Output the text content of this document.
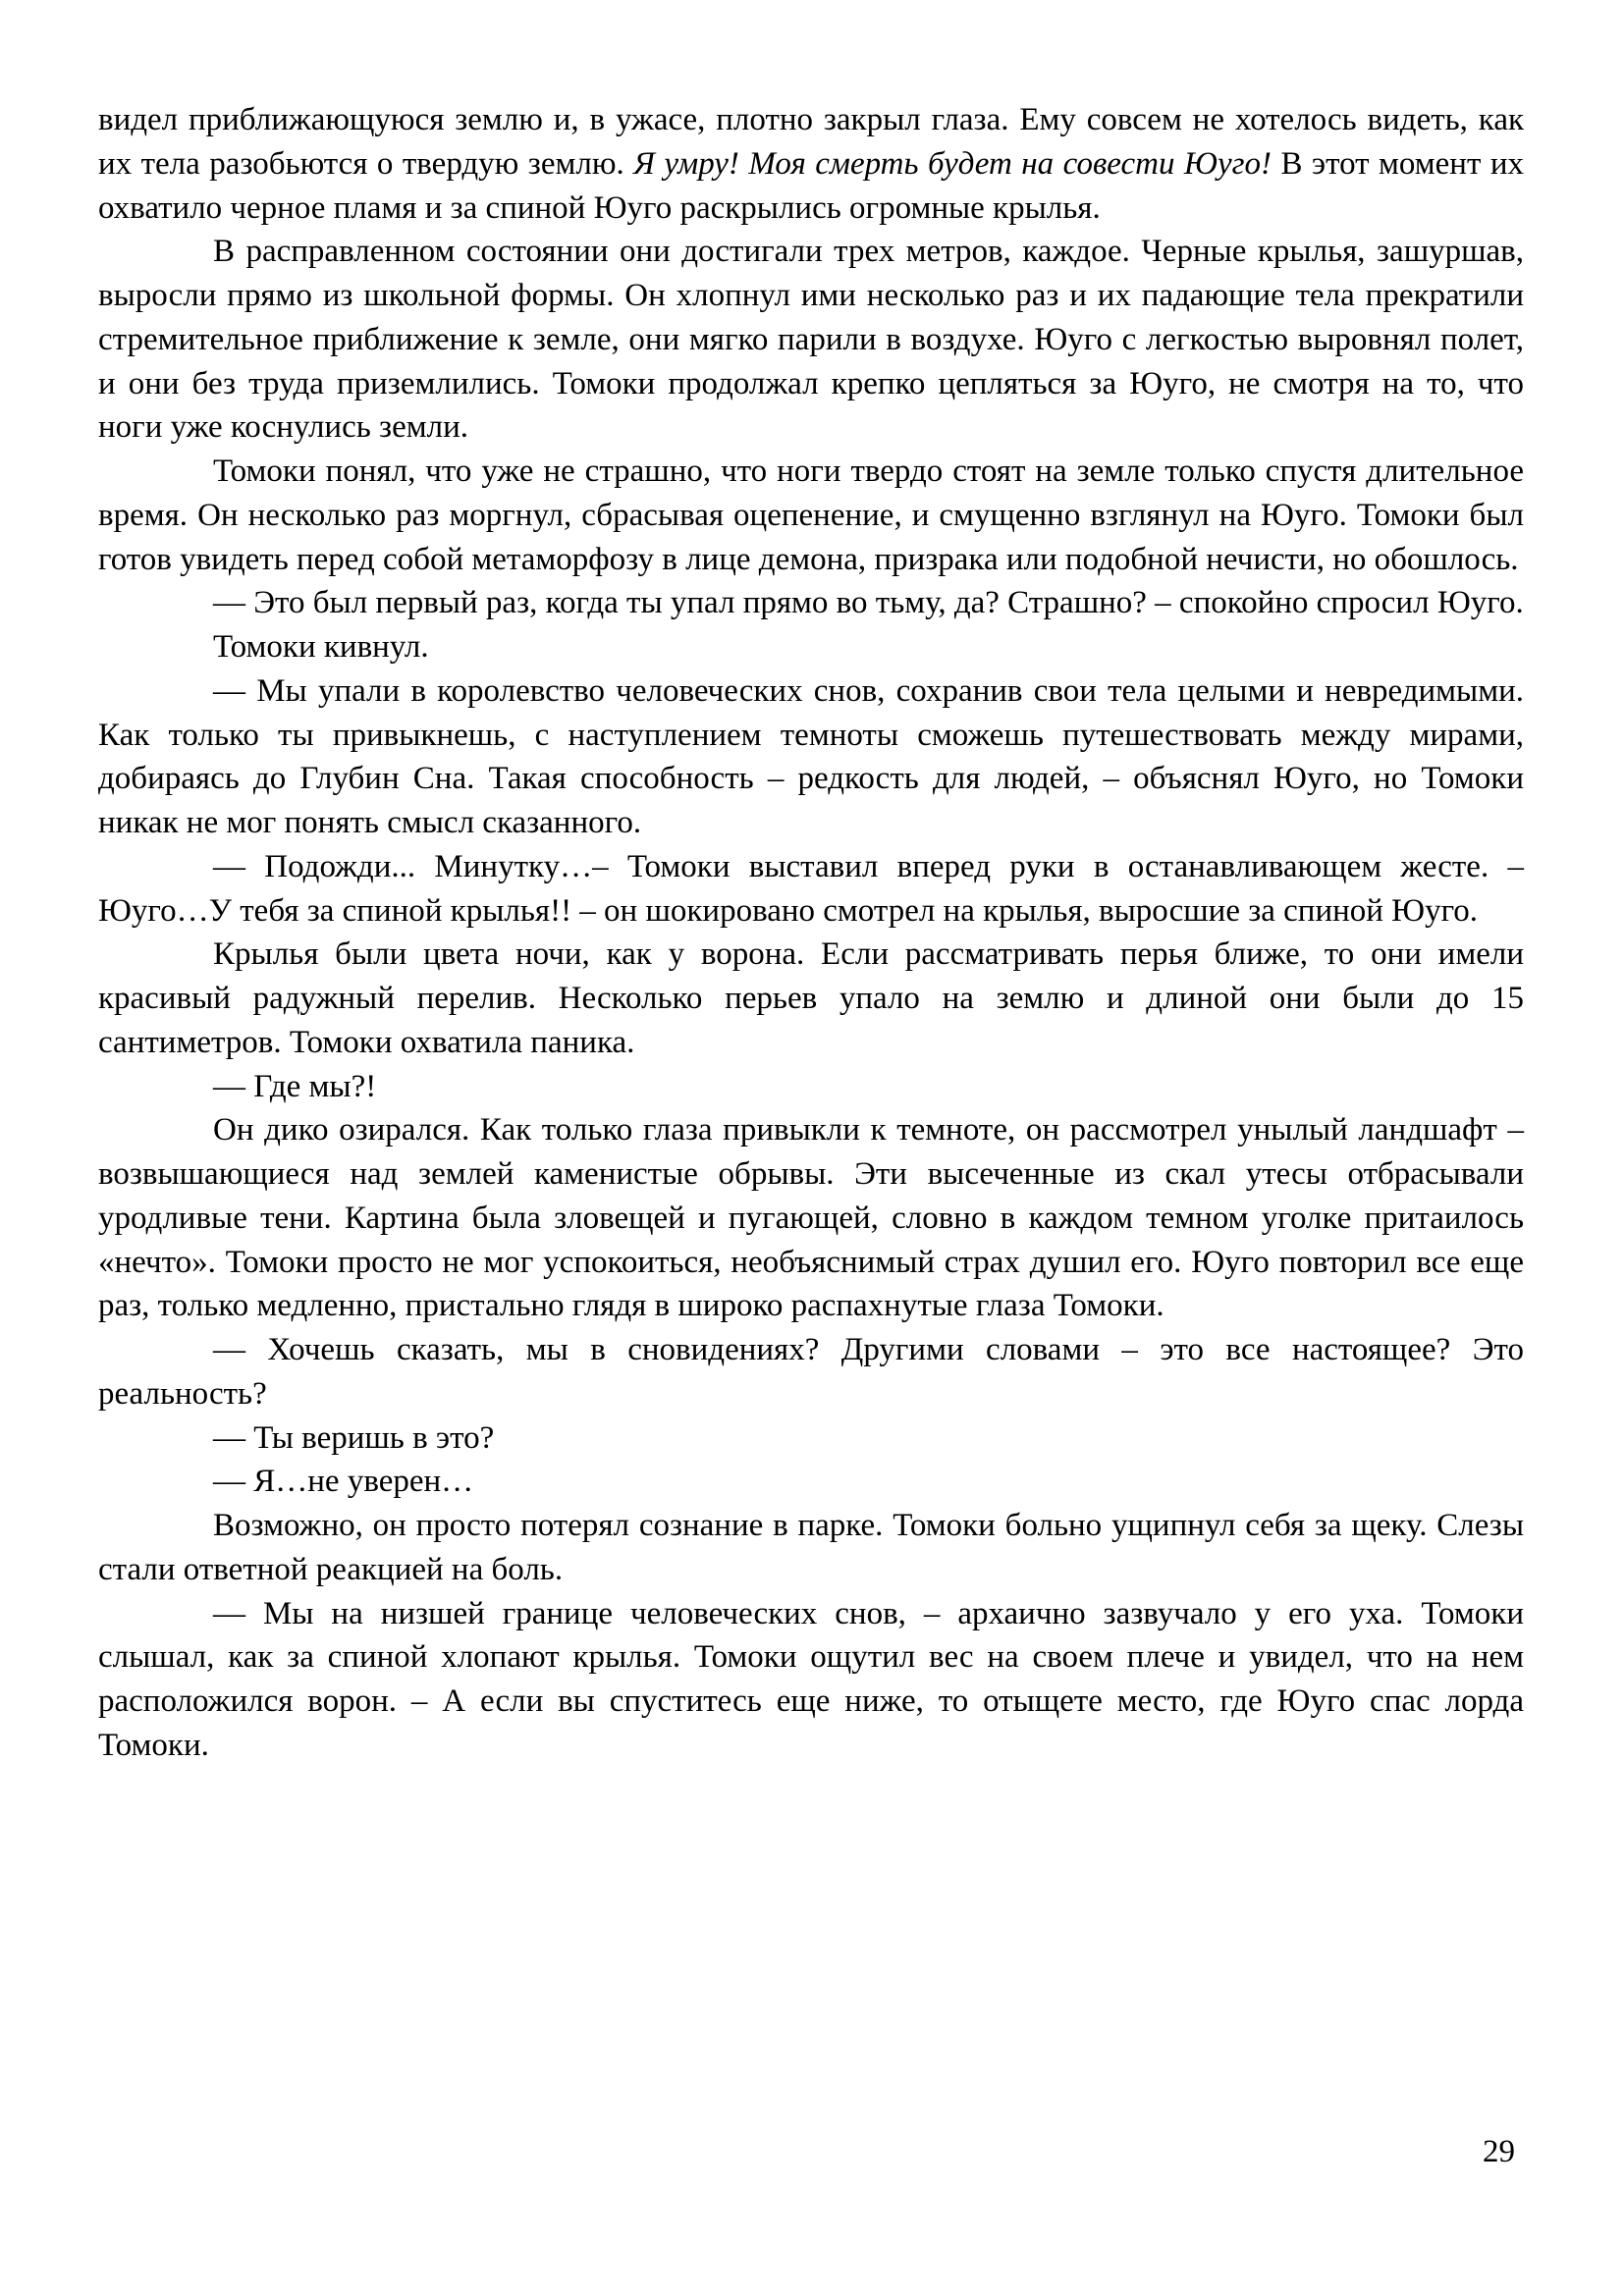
видел приближающуюся землю и, в ужасе, плотно закрыл глаза. Ему совсем не хотелось видеть, как их тела разобьются о твердую землю. Я умру! Моя смерть будет на совести Юуго! В этот момент их охватило черное пламя и за спиной Юуго раскрылись огромные крылья.

В расправленном состоянии они достигали трех метров, каждое. Черные крылья, зашуршав, выросли прямо из школьной формы. Он хлопнул ими несколько раз и их падающие тела прекратили стремительное приближение к земле, они мягко парили в воздухе. Юуго с легкостью выровнял полет, и они без труда приземлились. Томоки продолжал крепко цепляться за Юуго, не смотря на то, что ноги уже коснулись земли.

Томоки понял, что уже не страшно, что ноги твердо стоят на земле только спустя длительное время. Он несколько раз моргнул, сбрасывая оцепенение, и смущенно взглянул на Юуго. Томоки был готов увидеть перед собой метаморфозу в лице демона, призрака или подобной нечисти, но обошлось.

— Это был первый раз, когда ты упал прямо во тьму, да? Страшно? – спокойно спросил Юуго.

Томоки кивнул.

— Мы упали в королевство человеческих снов, сохранив свои тела целыми и невредимыми. Как только ты привыкнешь, с наступлением темноты сможешь путешествовать между мирами, добираясь до Глубин Сна. Такая способность – редкость для людей, – объяснял Юуго, но Томоки никак не мог понять смысл сказанного.

— Подожди... Минутку…– Томоки выставил вперед руки в останавливающем жесте. – Юуго…У тебя за спиной крылья!! – он шокировано смотрел на крылья, выросшие за спиной Юуго.

Крылья были цвета ночи, как у ворона. Если рассматривать перья ближе, то они имели красивый радужный перелив. Несколько перьев упало на землю и длиной они были до 15 сантиметров. Томоки охватила паника.

— Где мы?!

Он дико озирался. Как только глаза привыкли к темноте, он рассмотрел унылый ландшафт – возвышающиеся над землей каменистые обрывы. Эти высеченные из скал утесы отбрасывали уродливые тени. Картина была зловещей и пугающей, словно в каждом темном уголке притаилось «нечто». Томоки просто не мог успокоиться, необъяснимый страх душил его. Юуго повторил все еще раз, только медленно, пристально глядя в широко распахнутые глаза Томоки.

— Хочешь сказать, мы в сновидениях? Другими словами – это все настоящее? Это реальность?

— Ты веришь в это?

— Я…не уверен…

Возможно, он просто потерял сознание в парке. Томоки больно ущипнул себя за щеку. Слезы стали ответной реакцией на боль.

— Мы на низшей границе человеческих снов, – архаично зазвучало у его уха. Томоки слышал, как за спиной хлопают крылья. Томоки ощутил вес на своем плече и увидел, что на нем расположился ворон. – А если вы спуститесь еще ниже, то отыщете место, где Юуго спас лорда Томоки.

29
